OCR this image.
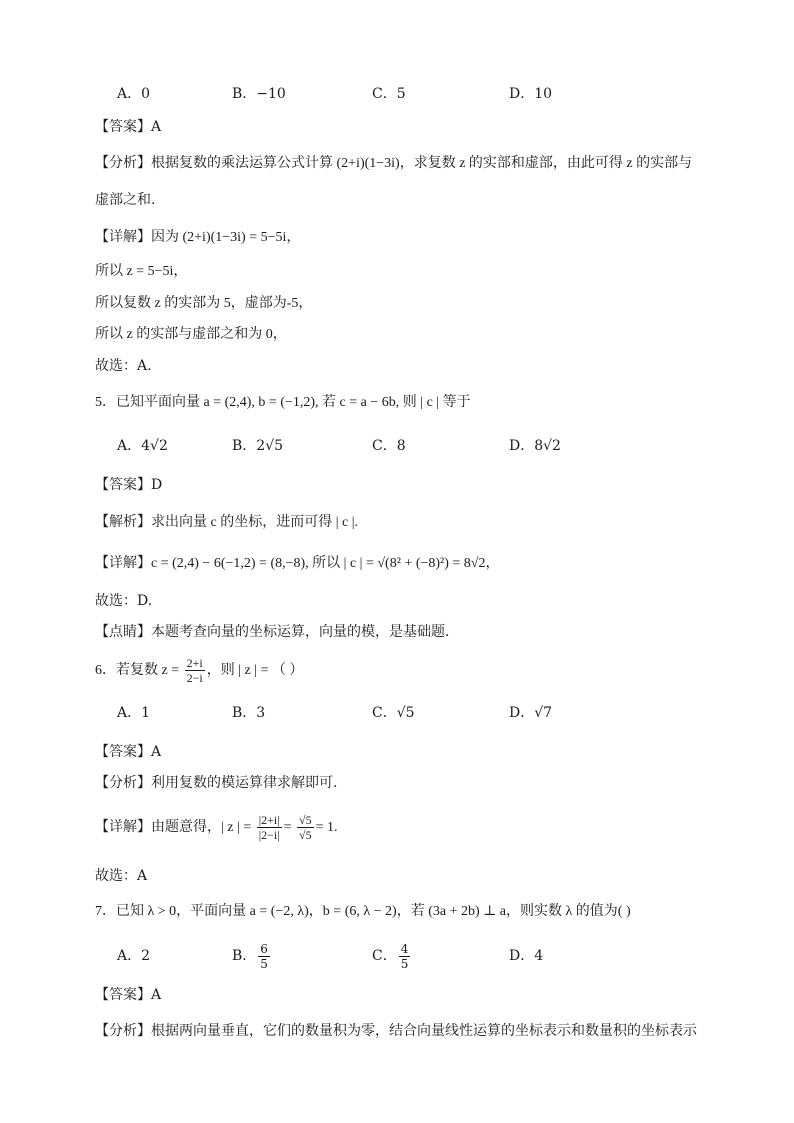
A．0	B．−10	C．5	D．10
【答案】A
【分析】根据复数的乘法运算公式计算 (2+i)(1−3i)，求复数 z 的实部和虚部，由此可得 z 的实部与
虚部之和.
【详解】因为 (2+i)(1−3i) = 5−5i，
所以 z = 5−5i，
所以复数 z 的实部为 5，虚部为-5，
所以 z 的实部与虚部之和为 0，
故选：A.
5．已知平面向量 a = (2,4), b = (−1,2), 若 c = a − 6b, 则 | c | 等于
A．4√2	B．2√5	C．8	D．8√2
【答案】D
【解析】求出向量 c 的坐标，进而可得 | c |.
【详解】c = (2,4) − 6(−1,2) = (8,−8), 所以 | c | = √(8² + (−8)²) = 8√2，
故选：D.
【点睛】本题考查向量的坐标运算，向量的模，是基础题.
6．若复数 $z = \frac{2+i}{2-i}$ ，则 | z | = （ ）
A．1	B．3	C．√5	D．√7
【答案】A
【分析】利用复数的模运算律求解即可.
【详解】由题意得，| z | = $\frac{|2+i|}{|2-i|} = \frac{√5}{√5} = 1$.
故选：A
7．已知 λ > 0，平面向量 a = (−2, λ)，b = (6, λ − 2)，若 (3a + 2b) ⊥ a，则实数 λ 的值为( )
A．2	B． $\frac{6}{5}$	C． $\frac{4}{5}$	D．4
【答案】A
【分析】根据两向量垂直，它们的数量积为零，结合向量线性运算的坐标表示和数量积的坐标表示
